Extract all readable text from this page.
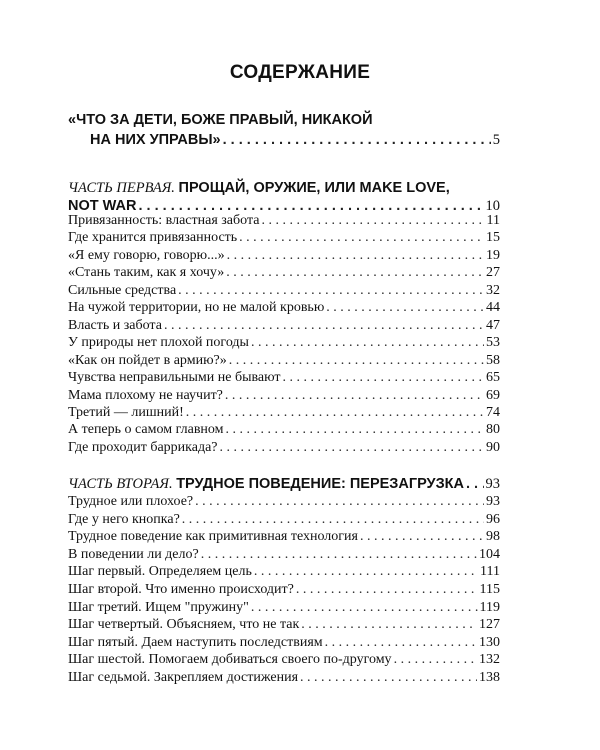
СОДЕРЖАНИЕ
«ЧТО ЗА ДЕТИ, БОЖЕ ПРАВЫЙ, НИКАКОЙ
НА НИХ УПРАВЫ» . . .	5
ЧАСТЬ ПЕРВАЯ. ПРОЩАЙ, ОРУЖИЕ, ИЛИ MAKE LOVE,
NOT WAR . . .	10
Привязанность: властная забота . . .	11
Где хранится привязанность . . .	15
«Я ему говорю, говорю...» . . .	19
«Стань таким, как я хочу» . . .	27
Сильные средства . . .	32
На чужой территории, но не малой кровью . . .	44
Власть и забота . . .	47
У природы нет плохой погоды . . .	53
«Как он пойдет в армию?» . . .	58
Чувства неправильными не бывают . . .	65
Мама плохому не научит? . . .	69
Третий — лишний! . . .	74
А теперь о самом главном . . .	80
Где проходит баррикада? . . .	90
ЧАСТЬ ВТОРАЯ. ТРУДНОЕ ПОВЕДЕНИЕ: ПЕРЕЗАГРУЗКА . . . 93
Трудное или плохое? . . .	93
Где у него кнопка? . . .	96
Трудное поведение как примитивная технология . . .	98
В поведении ли дело? . . .	104
Шаг первый. Определяем цель . . .	111
Шаг второй. Что именно происходит? . . .	115
Шаг третий. Ищем "пружину" . . .	119
Шаг четвертый. Объясняем, что не так . . .	127
Шаг пятый. Даем наступить последствиям . . .	130
Шаг шестой. Помогаем добиваться своего по-другому . . .	132
Шаг седьмой. Закрепляем достижения . . .	138
